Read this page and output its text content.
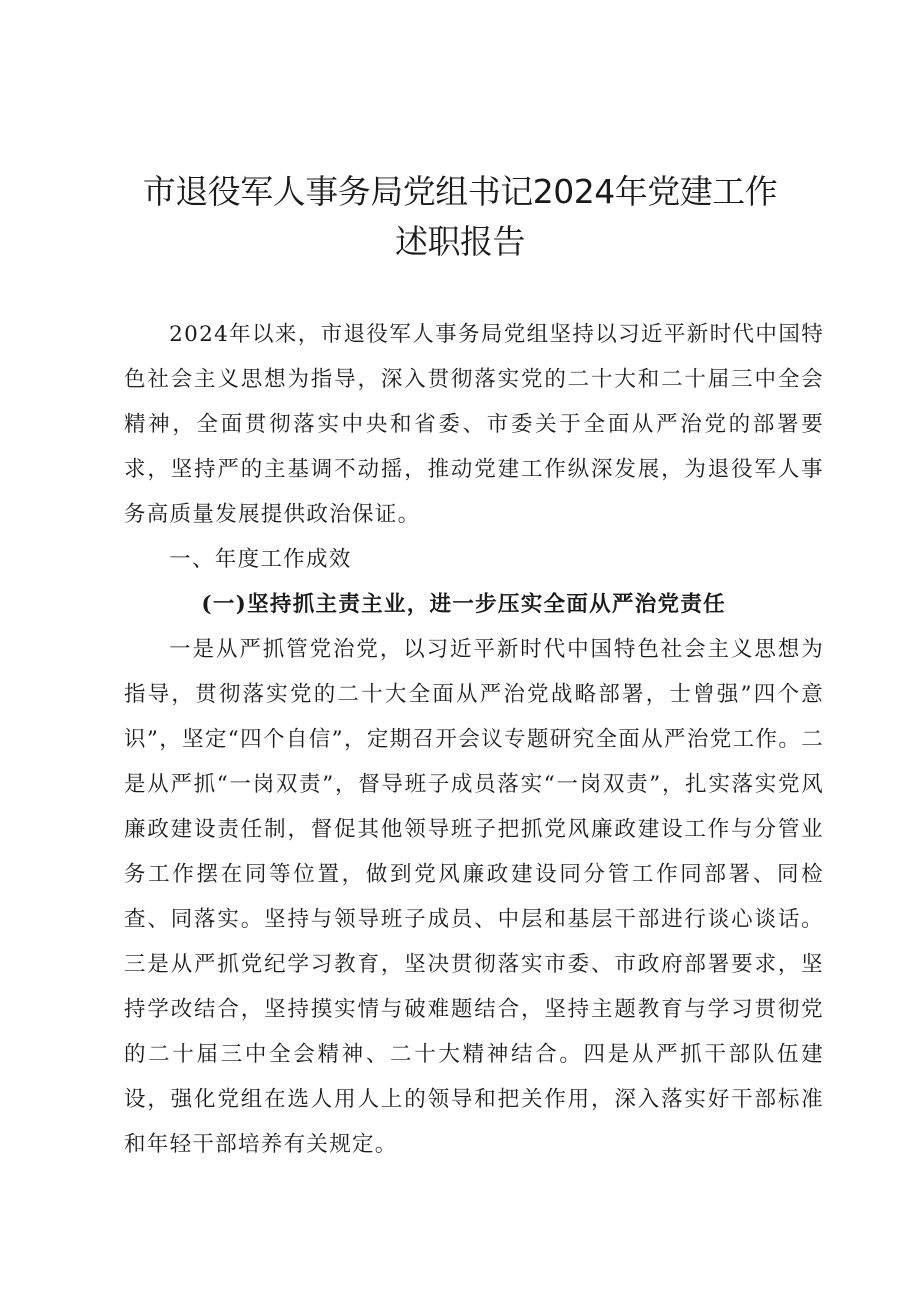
市退役军人事务局党组书记2024年党建工作
述职报告

2024年以来，市退役军人事务局党组坚持以习近平新时代中国特色社会主义思想为指导，深入贯彻落实党的二十大和二十届三中全会精神，全面贯彻落实中央和省委、市委关于全面从严治党的部署要求，坚持严的主基调不动摇，推动党建工作纵深发展，为退役军人事务高质量发展提供政治保证。

一、年度工作成效

(一)坚持抓主责主业，进一步压实全面从严治党责任

一是从严抓管党治党，以习近平新时代中国特色社会主义思想为指导，贯彻落实党的二十大全面从严治党战略部署，士曾强”四个意识”，坚定“四个自信”，定期召开会议专题研究全面从严治党工作。二是从严抓“一岗双责”，督导班子成员落实“一岗双责”，扎实落实党风廉政建设责任制，督促其他领导班子把抓党风廉政建设工作与分管业务工作摆在同等位置，做到党风廉政建设同分管工作同部署、同检查、同落实。坚持与领导班子成员、中层和基层干部进行谈心谈话。三是从严抓党纪学习教育，坚决贯彻落实市委、市政府部署要求，坚持学改结合，坚持摸实情与破难题结合，坚持主题教育与学习贯彻党的二十届三中全会精神、二十大精神结合。四是从严抓干部队伍建设，强化党组在选人用人上的领导和把关作用，深入落实好干部标准和年轻干部培养有关规定。
